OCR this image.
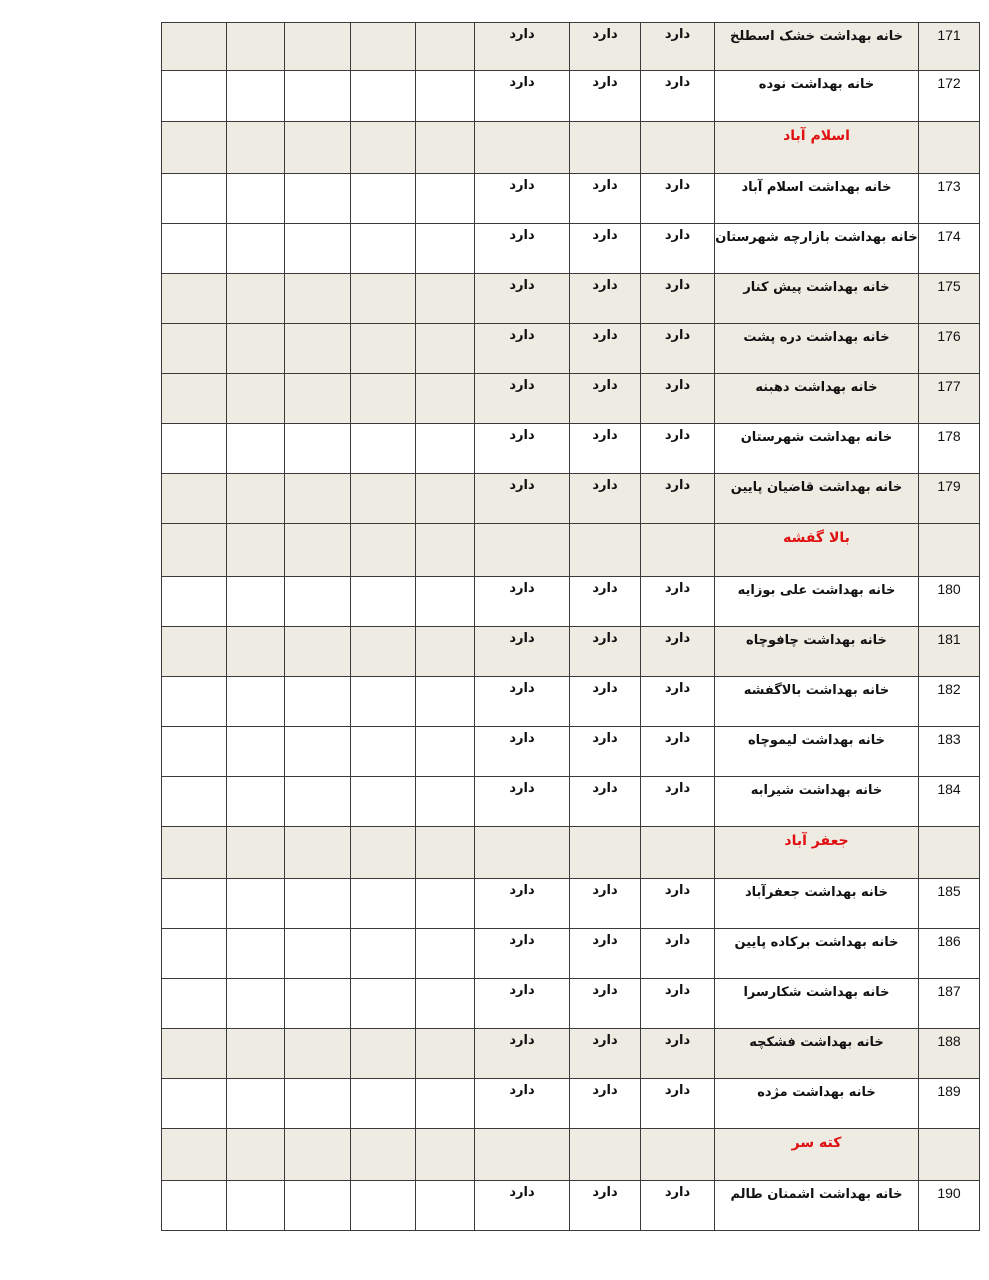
					دارد	دارد	دارد	خانه بهداشت خشک اسطلخ	171
					دارد	دارد	دارد	خانه بهداشت نوده	172
								اسلام آباد	
					دارد	دارد	دارد	خانه بهداشت اسلام آباد	173
					دارد	دارد	دارد	خانه بهداشت بازارچه شهرستان	174
					دارد	دارد	دارد	خانه بهداشت پیش کنار	175
					دارد	دارد	دارد	خانه بهداشت دره پشت	176
					دارد	دارد	دارد	خانه بهداشت دهبنه	177
					دارد	دارد	دارد	خانه بهداشت شهرستان	178
					دارد	دارد	دارد	خانه بهداشت قاضیان پایین	179
								بالا گفشه	
					دارد	دارد	دارد	خانه بهداشت علی بوزایه	180
					دارد	دارد	دارد	خانه بهداشت چافوچاه	181
					دارد	دارد	دارد	خانه بهداشت بالاگفشه	182
					دارد	دارد	دارد	خانه بهداشت لیموچاه	183
					دارد	دارد	دارد	خانه بهداشت شیرابه	184
								جعفر آباد	
					دارد	دارد	دارد	خانه بهداشت جعفرآباد	185
					دارد	دارد	دارد	خانه بهداشت برکاده پایین	186
					دارد	دارد	دارد	خانه بهداشت شکارسرا	187
					دارد	دارد	دارد	خانه بهداشت فشکچه	188
					دارد	دارد	دارد	خانه بهداشت مژده	189
								کته سر	
					دارد	دارد	دارد	خانه بهداشت اشمنان طالم	190
